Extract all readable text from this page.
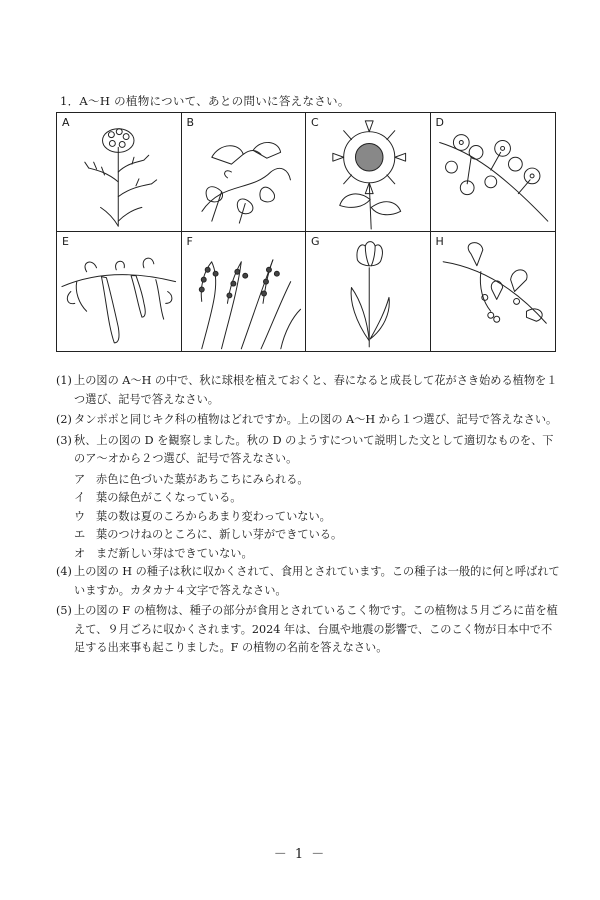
1．A～H の植物について、あとの問いに答えなさい。
A	B	C	D
E	F	G	H
(1) 上の図の A～H の中で、秋に球根を植えておくと、春になると成長して花がさき始める植物を１つ選び、記号で答えなさい。
(2) タンポポと同じキク科の植物はどれですか。上の図の A～H から１つ選び、記号で答えなさい。
(3) 秋、上の図の D を観察しました。秋の D のようすについて説明した文として適切なものを、下のア～オから２つ選び、記号で答えなさい。
ア 赤色に色づいた葉があちこちにみられる。
イ 葉の緑色がこくなっている。
ウ 葉の数は夏のころからあまり変わっていない。
エ 葉のつけねのところに、新しい芽ができている。
オ まだ新しい芽はできていない。
(4) 上の図の H の種子は秋に収かくされて、食用とされています。この種子は一般的に何と呼ばれていますか。カタカナ４文字で答えなさい。
(5) 上の図の F の植物は、種子の部分が食用とされているこく物です。この植物は５月ごろに苗を植えて、９月ごろに収かくされます。2024 年は、台風や地震の影響で、このこく物が日本中で不足する出来事も起こりました。F の植物の名前を答えなさい。
－ 1 －
